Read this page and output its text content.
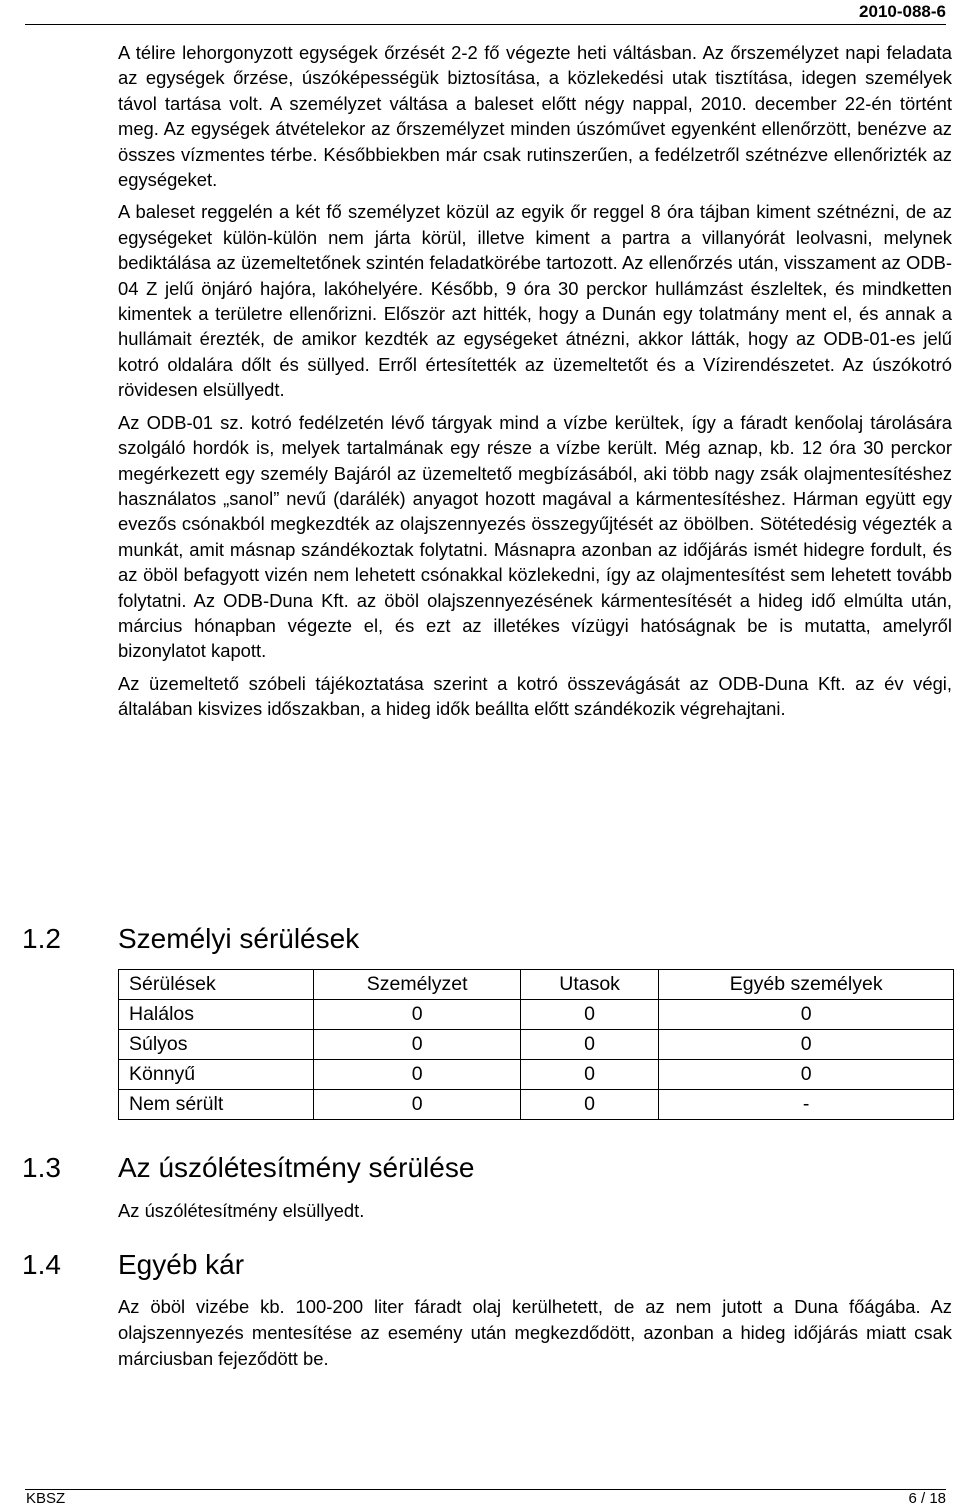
2010-088-6

A télire lehorgonyzott egységek őrzését 2-2 fő végezte heti váltásban. Az őrszemélyzet napi feladata az egységek őrzése, úszóképességük biztosítása, a közlekedési utak tisztítása, idegen személyek távol tartása volt. A személyzet váltása a baleset előtt négy nappal, 2010. december 22-én történt meg. Az egységek átvételekor az őrszemélyzet minden úszóművet egyenként ellenőrzött, benézve az összes vízmentes térbe. Későbbiekben már csak rutinszerűen, a fedélzetről szétnézve ellenőrizték az egységeket.

A baleset reggelén a két fő személyzet közül az egyik őr reggel 8 óra tájban kiment szétnézni, de az egységeket külön-külön nem járta körül, illetve kiment a partra a villanyórát leolvasni, melynek bediktálása az üzemeltetőnek szintén feladatkörébe tartozott. Az ellenőrzés után, visszament az ODB-04 Z jelű önjáró hajóra, lakóhelyére. Később, 9 óra 30 perckor hullámzást észleltek, és mindketten kimentek a területre ellenőrizni. Először azt hitték, hogy a Dunán egy tolatmány ment el, és annak a hullámait érezték, de amikor kezdték az egységeket átnézni, akkor látták, hogy az ODB-01-es jelű kotró oldalára dőlt és süllyed. Erről értesítették az üzemeltetőt és a Vízirendészetet. Az úszókotró rövidesen elsüllyedt.

Az ODB-01 sz. kotró fedélzetén lévő tárgyak mind a vízbe kerültek, így a fáradt kenőolaj tárolására szolgáló hordók is, melyek tartalmának egy része a vízbe került. Még aznap, kb. 12 óra 30 perckor megérkezett egy személy Bajáról az üzemeltető megbízásából, aki több nagy zsák olajmentesítéshez használatos „sanol” nevű (darálék) anyagot hozott magával a kármentesítéshez. Hárman együtt egy evezős csónakból megkezdték az olajszennyezés összegyűjtését az öbölben. Sötétedésig végezték a munkát, amit másnap szándékoztak folytatni. Másnapra azonban az időjárás ismét hidegre fordult, és az öböl befagyott vizén nem lehetett csónakkal közlekedni, így az olajmentesítést sem lehetett tovább folytatni. Az ODB-Duna Kft. az öböl olajszennyezésének kármentesítését a hideg idő elmúlta után, március hónapban végezte el, és ezt az illetékes vízügyi hatóságnak be is mutatta, amelyről bizonylatot kapott.

Az üzemeltető szóbeli tájékoztatása szerint a kotró összevágását az ODB-Duna Kft. az év végi, általában kisvizes időszakban, a hideg idők beállta előtt szándékozik végrehajtani.

1.2 Személyi sérülések
Sérülések	Személyzet	Utasok	Egyéb személyek
Halálos	0	0	0
Súlyos	0	0	0
Könnyű	0	0	0
Nem sérült	0	0	-
1.3 Az úszólétesítmény sérülése

Az úszólétesítmény elsüllyedt.

1.4 Egyéb kár

Az öböl vizébe kb. 100-200 liter fáradt olaj kerülhetett, de az nem jutott a Duna főágába. Az olajszennyezés mentesítése az esemény után megkezdődött, azonban a hideg időjárás miatt csak márciusban fejeződött be.

KBSZ	6 / 18
